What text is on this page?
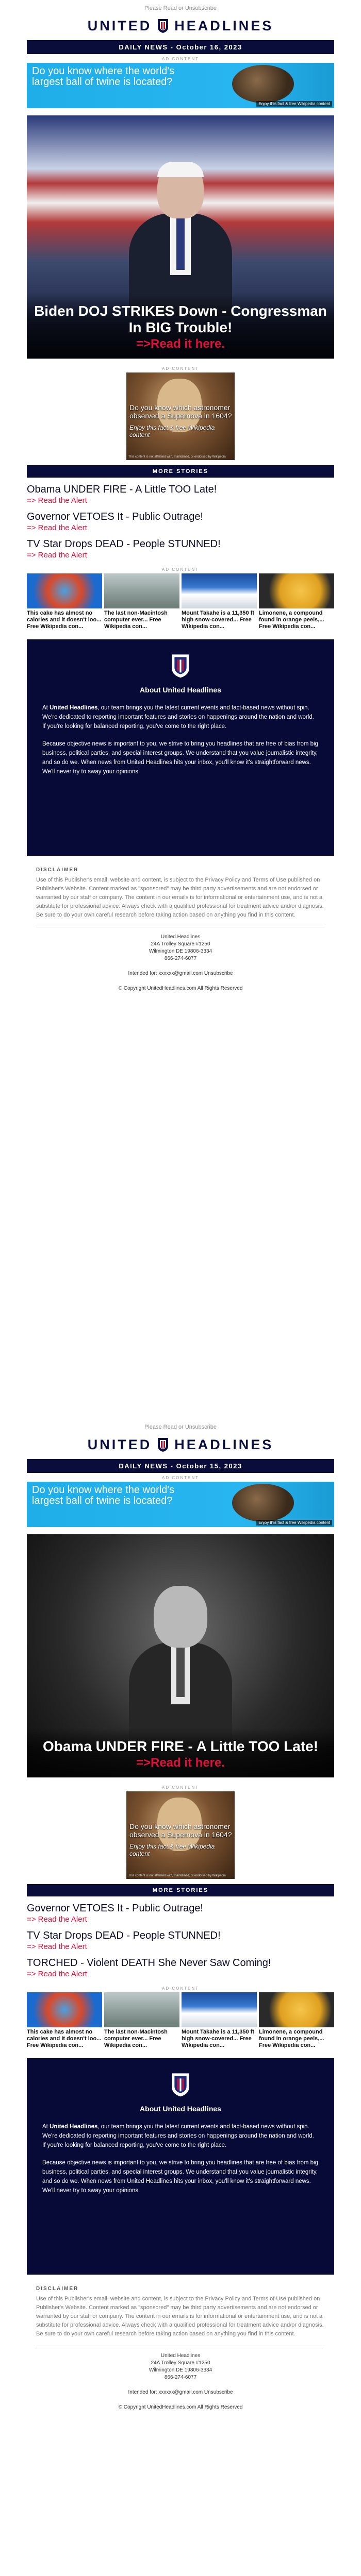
Please Read or Unsubscribe
UNITED HEADLINES
DAILY NEWS - October 16, 2023
AD CONTENT
Do you know where the world's largest ball of twine is located?
Enjoy this fact & free Wikipedia content
Biden DOJ STRIKES Down - Congressman In BIG Trouble!
=>Read it here.
AD CONTENT
Do you know which astronomer observed a Supernova in 1604?
Enjoy this fact & free Wikipedia content
This content is not affiliated with, maintained, or endorsed by Wikipedia
MORE STORIES
Obama UNDER FIRE - A Little TOO Late!
=> Read the Alert
Governor VETOES It - Public Outrage!
=> Read the Alert
TV Star Drops DEAD - People STUNNED!
=> Read the Alert
AD CONTENT
This cake has almost no calories and it doesn't loo... Free Wikipedia con...
The last non-Macintosh computer ever... Free Wikipedia con...
Mount Takahe is a 11,350 ft high snow-covered... Free Wikipedia con...
Limonene, a compound found in orange peels,... Free Wikipedia con...
About United Headlines

At United Headlines, our team brings you the latest current events and fact-based news without spin. We're dedicated to reporting important features and stories on happenings around the nation and world. If you're looking for balanced reporting, you've come to the right place.

Because objective news is important to you, we strive to bring you headlines that are free of bias from big business, political parties, and special interest groups. We understand that you value journalistic integrity, and so do we. When news from United Headlines hits your inbox, you'll know it's straightforward news. We'll never try to sway your opinions.

DISCLAIMER
Use of this Publisher's email, website and content, is subject to the Privacy Policy and Terms of Use published on Publisher's Website. Content marked as "sponsored" may be third party advertisements and are not endorsed or warranted by our staff or company. The content in our emails is for informational or entertainment use, and is not a substitute for professional advice. Always check with a qualified professional for treatment advice and/or diagnosis. Be sure to do your own careful research before taking action based on anything you find in this content.
United Headlines
24A Trolley Square #1250
Wilmington DE 19806-3334
866-274-6077
Intended for: xxxxxx@gmail.com Unsubscribe
© Copyright UnitedHeadlines.com All Rights Reserved
Please Read or Unsubscribe
UNITED HEADLINES
DAILY NEWS - October 15, 2023
AD CONTENT
Do you know where the world's largest ball of twine is located?
Enjoy this fact & free Wikipedia content
Obama UNDER FIRE - A Little TOO Late!
=>Read it here.
AD CONTENT
Do you know which astronomer observed a Supernova in 1604?
Enjoy this fact & free Wikipedia content
This content is not affiliated with, maintained, or endorsed by Wikipedia
MORE STORIES
Governor VETOES It - Public Outrage!
=> Read the Alert
TV Star Drops DEAD - People STUNNED!
=> Read the Alert
TORCHED - Violent DEATH She Never Saw Coming!
=> Read the Alert
AD CONTENT
This cake has almost no calories and it doesn't loo... Free Wikipedia con...
The last non-Macintosh computer ever... Free Wikipedia con...
Mount Takahe is a 11,350 ft high snow-covered... Free Wikipedia con...
Limonene, a compound found in orange peels,... Free Wikipedia con...
About United Headlines

At United Headlines, our team brings you the latest current events and fact-based news without spin. We're dedicated to reporting important features and stories on happenings around the nation and world. If you're looking for balanced reporting, you've come to the right place.

Because objective news is important to you, we strive to bring you headlines that are free of bias from big business, political parties, and special interest groups. We understand that you value journalistic integrity, and so do we. When news from United Headlines hits your inbox, you'll know it's straightforward news. We'll never try to sway your opinions.

DISCLAIMER
Use of this Publisher's email, website and content, is subject to the Privacy Policy and Terms of Use published on Publisher's Website. Content marked as "sponsored" may be third party advertisements and are not endorsed or warranted by our staff or company. The content in our emails is for informational or entertainment use, and is not a substitute for professional advice. Always check with a qualified professional for treatment advice and/or diagnosis. Be sure to do your own careful research before taking action based on anything you find in this content.
United Headlines
24A Trolley Square #1250
Wilmington DE 19806-3334
866-274-6077
Intended for: xxxxxx@gmail.com Unsubscribe
© Copyright UnitedHeadlines.com All Rights Reserved
